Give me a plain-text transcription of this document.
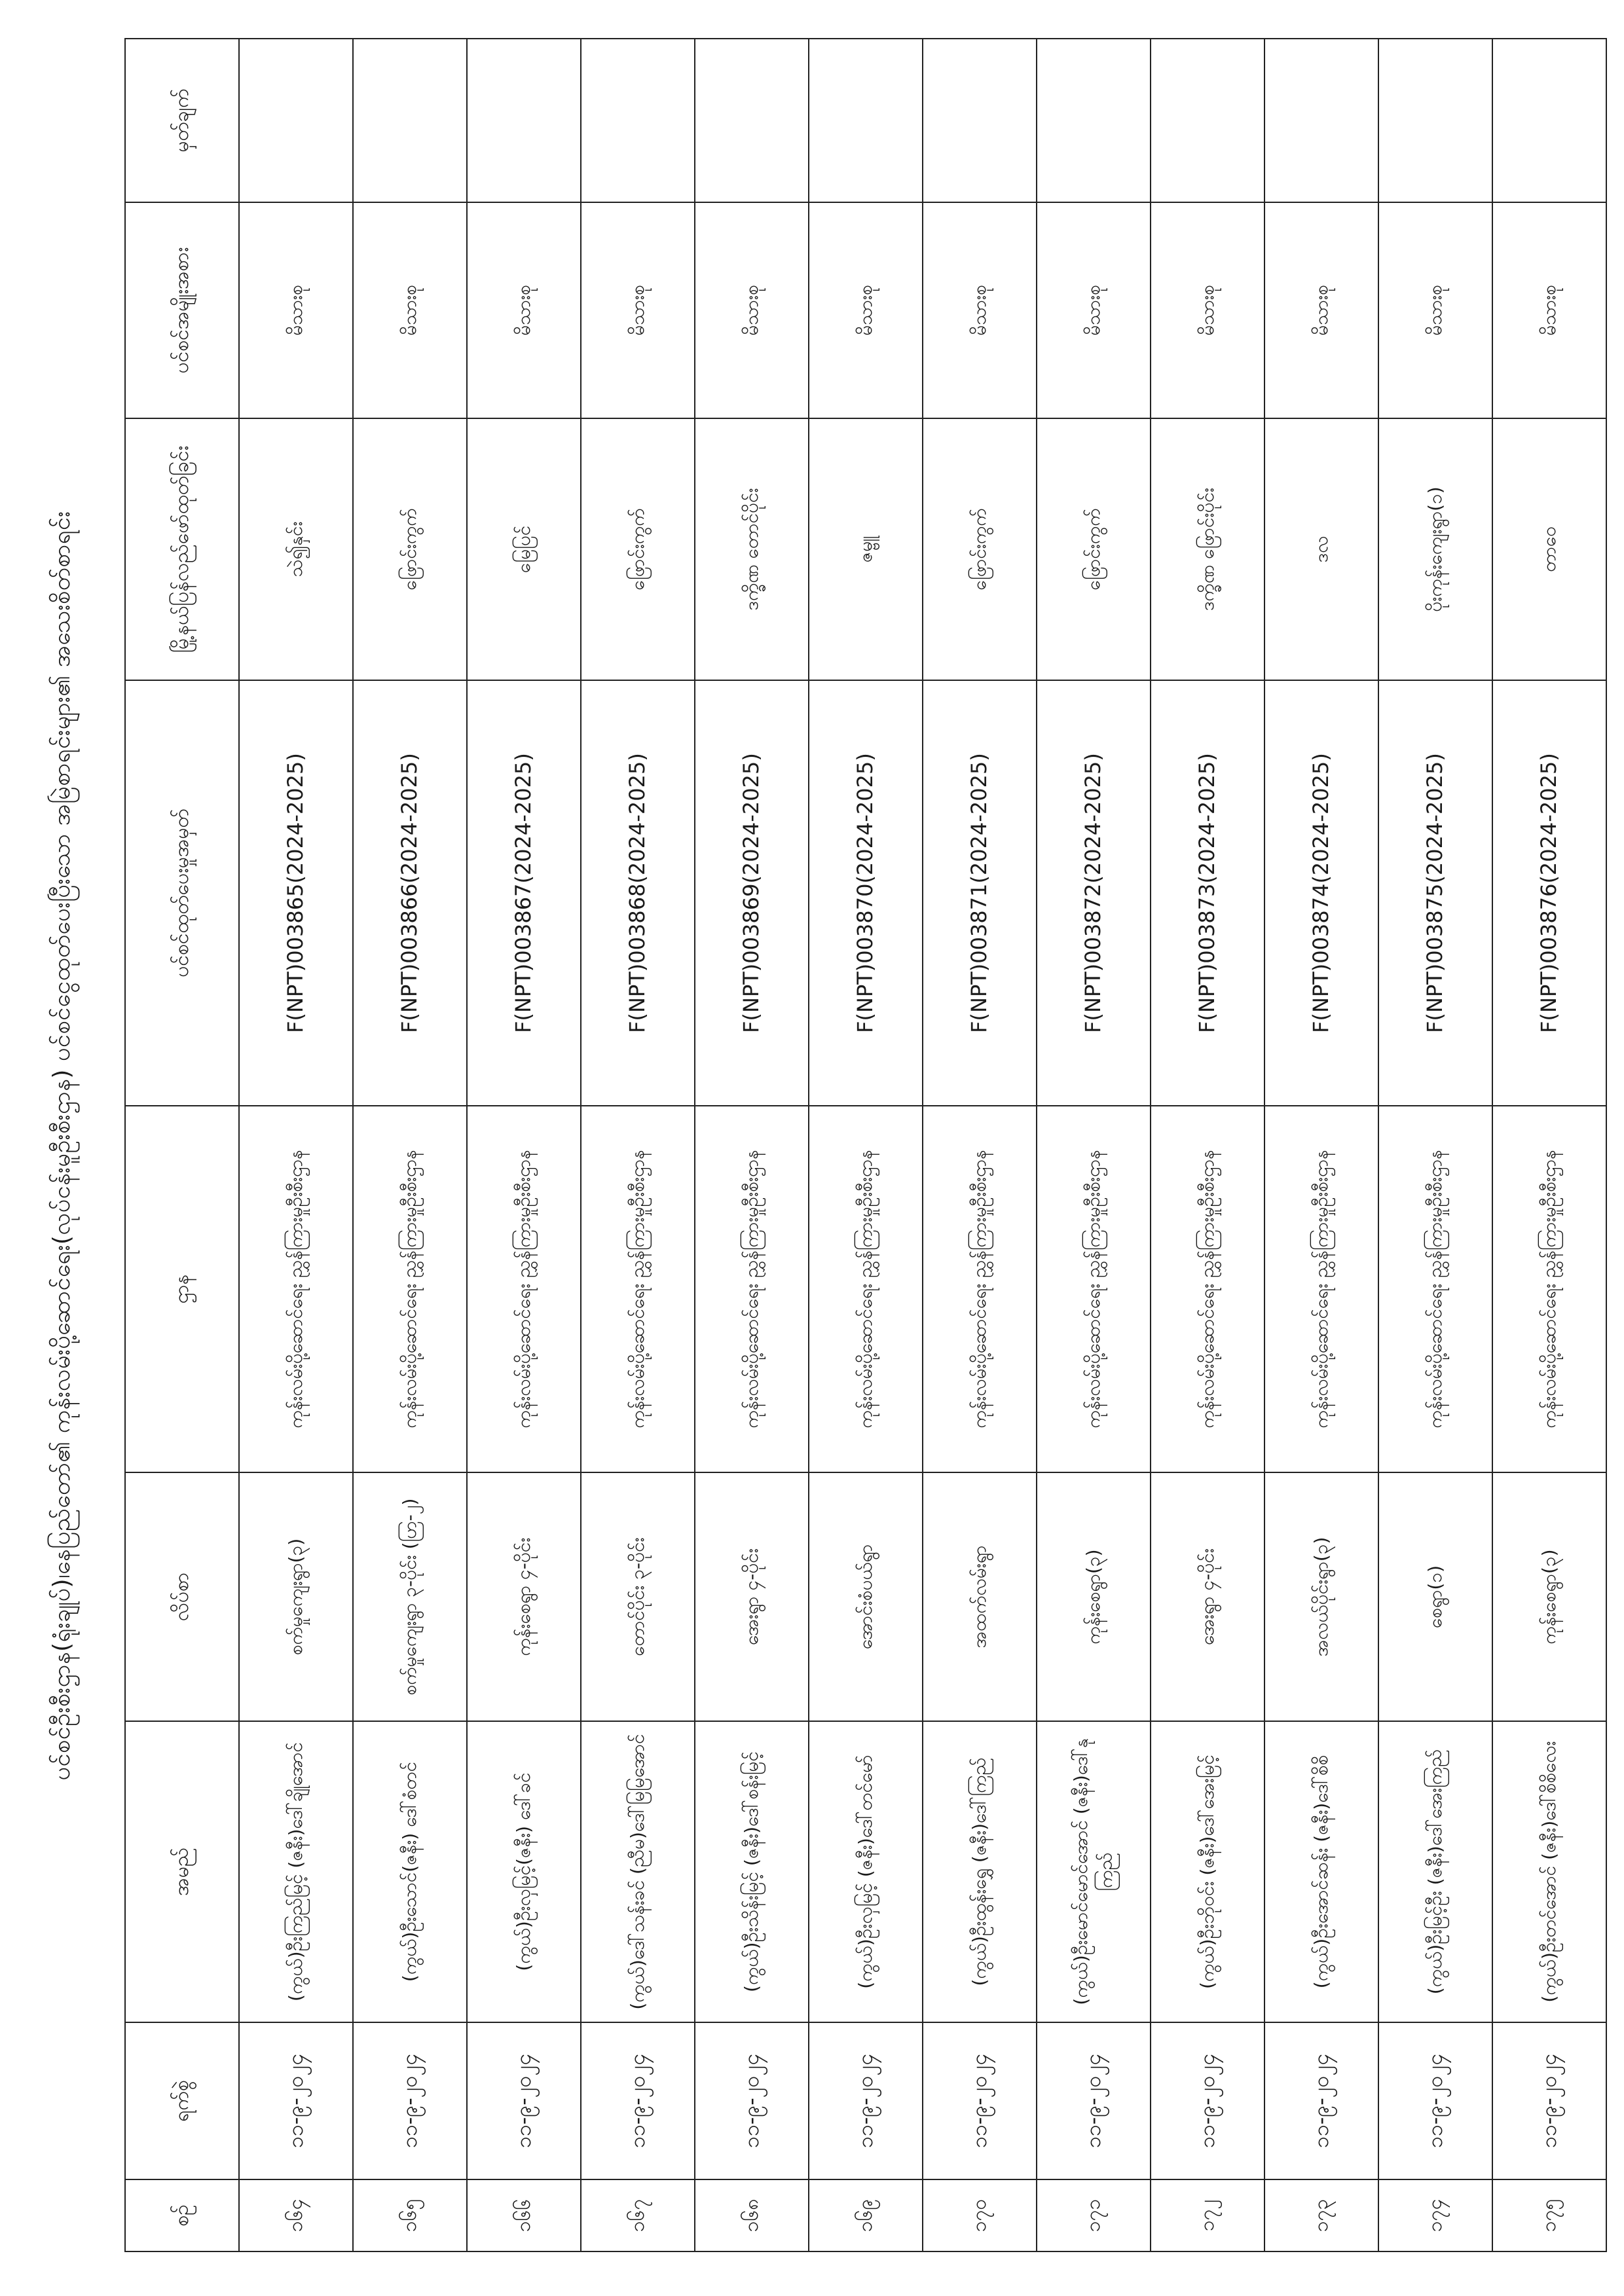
ပင်စင်ဦးစီးဌာန(ရုံးချုပ်)၊နေပြည်တော်၏ ကုန်းလမ်းပို့ဆောင်ရေး(လုပ်ငန်းမူဦးစီးဌာန) ပင်စင်ငွေထုတ်ပေးပြီးသော အမြဲစာရင်းများ၏ အသေးစိတ်စာရင်း
စဉ်	ရက်စွဲ	အမည်	လိပ်စာ	ဌာန	ပင်စင်ထုတ်ပေးမှုအမှတ်	မြို့နယ်ပြန်လည်ဖော်ထုတ်ခြင်း	ပင်စင်အမျိုးအစား	မှတ်ချက်
၁၆၄	၁၁-၉-၂၀၂၄	(ကွယ်)ဦးကြည်မြင့် (ဇနီး)ဒေါ်ချိုအောင်	စက်မှုကျေးရွာ(၃)	ကုန်းလမ်းပို့ဆောင်ရေး ညွှန်ကြားမှုဦးစီးဌာန	F(NPT)003865(2024-2025)	သဲ၍နှင်း	မိသားစု	
၁၆၅	၁၁-၉-၂၀၂၄	(ကွယ်)ဦးသောင်(ဇနီး) ဒေါ်စံတင်	စက်မှုကျေးရွာ ၃-ပိုင်း (ဟြ-၂)	ကုန်းလမ်းပို့ဆောင်ရေး ညွှန်ကြားမှုဦးစီးဌာန	F(NPT)003866(2024-2025)	ဖြောင်းကွက်	မိသားစု	
၁၆၆	၁၁-၉-၂၀၂၄	(ကွယ်)ဦးလှမြင့်(ဇနီး) ဒေါ်ခင်	ကုန်းစေရွာ ၄-ပိုင်း	ကုန်းလမ်းပို့ဆောင်ရေး ညွှန်ကြားမှုဦးစီးဌာန	F(NPT)003867(2024-2025)	မြေပြင်	မိသားစု	
၁၆၇	၁၁-၉-၂၀၂၄	(ကွယ်)ဒေါ်သန်းခင် (ညီမ)ဒေါ်မြမြအောင်	တောင်ပိုင်း ၃-ပိုင်း	ကုန်းလမ်းပို့ဆောင်ရေး ညွှန်ကြားမှုဦးစီးဌာန	F(NPT)003868(2024-2025)	ဖြောင်းကွက်	မိသားစု	
၁၆၈	၁၁-၉-၂၀၂၄	(ကွယ်)ဦးသိန်းမြင့် (ဇနီး)ဒေါ်စန်းမြင့်	အေးရွာ ၄-ပိုင်း	ကုန်းလမ်းပို့ဆောင်ရေး ညွှန်ကြားမှုဦးစီးဌာန	F(NPT)003869(2024-2025)	ဒက္ခိဏ တောင်ပိုင်း	မိသားစု	
၁၆၉	၁၁-၉-၂၀၂၄	(ကွယ်)ဦးလှမြင့် (ဇနီး)ဒေါ်တင်မော်	အောင်းစံပယ်ရွာ	ကုန်းလမ်းပို့ဆောင်ရေး ညွှန်ကြားမှုဦးစီးဌာန	F(NPT)003870(2024-2025)	ဇမ္ဗူ	မိသားစု	
၁၇၀	၁၁-၉-၂၀၂၄	(ကွယ်)ဦးထွန်းရွှေ (ဇနီး)ဒေါ်ကြည်	အထက်လမ်းရွာ	ကုန်းလမ်းပို့ဆောင်ရေး ညွှန်ကြားမှုဦးစီးဌာန	F(NPT)003871(2024-2025)	ဖြောင်းကွက်	မိသားစု	
၁၇၁	၁၁-၉-၂၀၂၄	(ကွယ်)ဦးမောင်မောင်အောင် (ဇနီး)ဒေါ်နုကြည်	ကုန်းစေရွာ(၃)	ကုန်းလမ်းပို့ဆောင်ရေး ညွှန်ကြားမှုဦးစီးဌာန	F(NPT)003872(2024-2025)	ဖြောင်းကွက်	မိသားစု	
၁၇၂	၁၁-၉-၂၀၂၄	(ကွယ်)ဦးဘိုဝင်း (ဇနီး)ဒေါ်အေးမြင့်	အေးရွာ ၄-ပိုင်း	ကုန်းလမ်းပို့ဆောင်ရေး ညွှန်ကြားမှုဦးစီးဌာန	F(NPT)003873(2024-2025)	ဒက္ခိဏ ဖြောင်းပိုင်း	မိသားစု	
၁၇၃	၁၁-၉-၂၀၂၄	(ကွယ်)ဦးအောင်ဆန်း (ဇနီး)ဒေါ်စိစိ	အလယ်ပိုင်းရွာ(၃)	ကုန်းလမ်းပို့ဆောင်ရေး ညွှန်ကြားမှုဦးစီးဌာန	F(NPT)003874(2024-2025)	ဒလ	မိသားစု	
၁၇၄	၁၁-၉-၂၀၂၄	(ကွယ်)ဦးမြင့်ဦး (ဇနီး)ဒေါ်အေးကြည်	စေရွာ(၁)	ကုန်းလမ်းပို့ဆောင်ရေး ညွှန်ကြားမှုဦးစီးဌာန	F(NPT)003875(2024-2025)	ပိုးကုန်းကျေးရွာ(၁)	မိသားစု	
၁၇၅	၁၁-၉-၂၀၂၄	(ကွယ်)ဦးတင်အောင် (ဇနီး)ဒေါ်စိစိလေး	ကုန်းစေရွာ(၃)	ကုန်းလမ်းပို့ဆောင်ရေး ညွှန်ကြားမှုဦးစီးဌာန	F(NPT)003876(2024-2025)	တာဝေ	မိသားစု	
